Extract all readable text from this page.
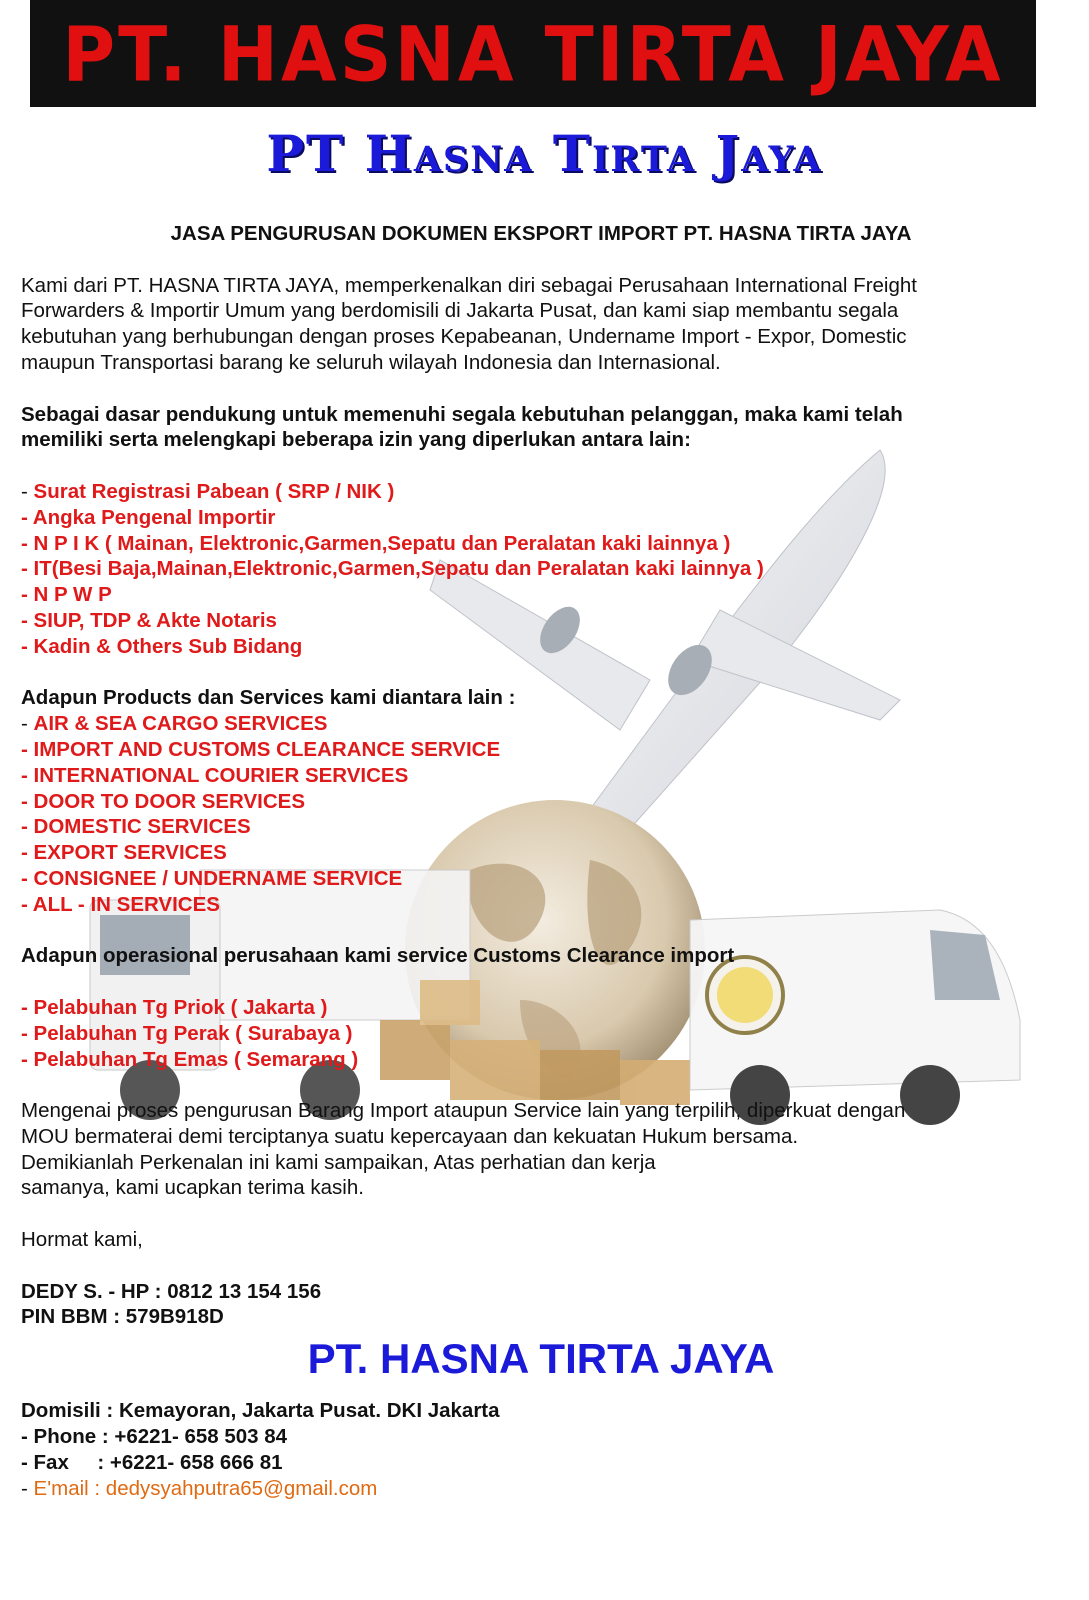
PT. HASNA TIRTA JAYA
PT Hasna Tirta Jaya

JASA PENGURUSAN DOKUMEN EKSPORT IMPORT PT. HASNA TIRTA JAYA

Kami dari PT. HASNA TIRTA JAYA, memperkenalkan diri sebagai Perusahaan International Freight

Forwarders & Importir Umum yang berdomisili di Jakarta Pusat, dan kami siap membantu segala

kebutuhan yang berhubungan dengan proses Kepabeanan, Undername Import - Expor, Domestic

maupun Transportasi barang ke seluruh wilayah Indonesia dan Internasional.

Sebagai dasar pendukung untuk memenuhi segala kebutuhan pelanggan, maka kami telah

memiliki serta melengkapi beberapa izin yang diperlukan antara lain:

- Surat Registrasi Pabean ( SRP / NIK )

- Angka Pengenal Importir

- N P I K ( Mainan, Elektronic,Garmen,Sepatu dan Peralatan kaki lainnya )

- IT(Besi Baja,Mainan,Elektronic,Garmen,Sepatu dan Peralatan kaki lainnya )

- N P W P

- SIUP, TDP & Akte Notaris

- Kadin & Others Sub Bidang

Adapun Products dan Services kami diantara lain :

- AIR & SEA CARGO SERVICES

- IMPORT AND CUSTOMS CLEARANCE SERVICE

- INTERNATIONAL COURIER SERVICES

- DOOR TO DOOR SERVICES

- DOMESTIC SERVICES

- EXPORT SERVICES

- CONSIGNEE / UNDERNAME SERVICE

- ALL - IN SERVICES

Adapun operasional perusahaan kami service Customs Clearance import

- Pelabuhan Tg Priok ( Jakarta )

- Pelabuhan Tg Perak ( Surabaya )

- Pelabuhan Tg Emas ( Semarang )

Mengenai proses pengurusan Barang Import ataupun Service lain yang terpilih, diperkuat dengan

MOU bermaterai demi terciptanya suatu kepercayaan dan kekuatan Hukum bersama.

Demikianlah Perkenalan ini kami sampaikan, Atas perhatian dan kerja

samanya, kami ucapkan terima kasih.

Hormat kami,

DEDY S. - HP : 0812 13 154 156

PIN BBM : 579B918D

PT. HASNA TIRTA JAYA

Domisili : Kemayoran, Jakarta Pusat. DKI Jakarta

- Phone : +6221- 658 503 84

- Fax     : +6221- 658 666 81

- E'mail : dedysyahputra65@gmail.com
